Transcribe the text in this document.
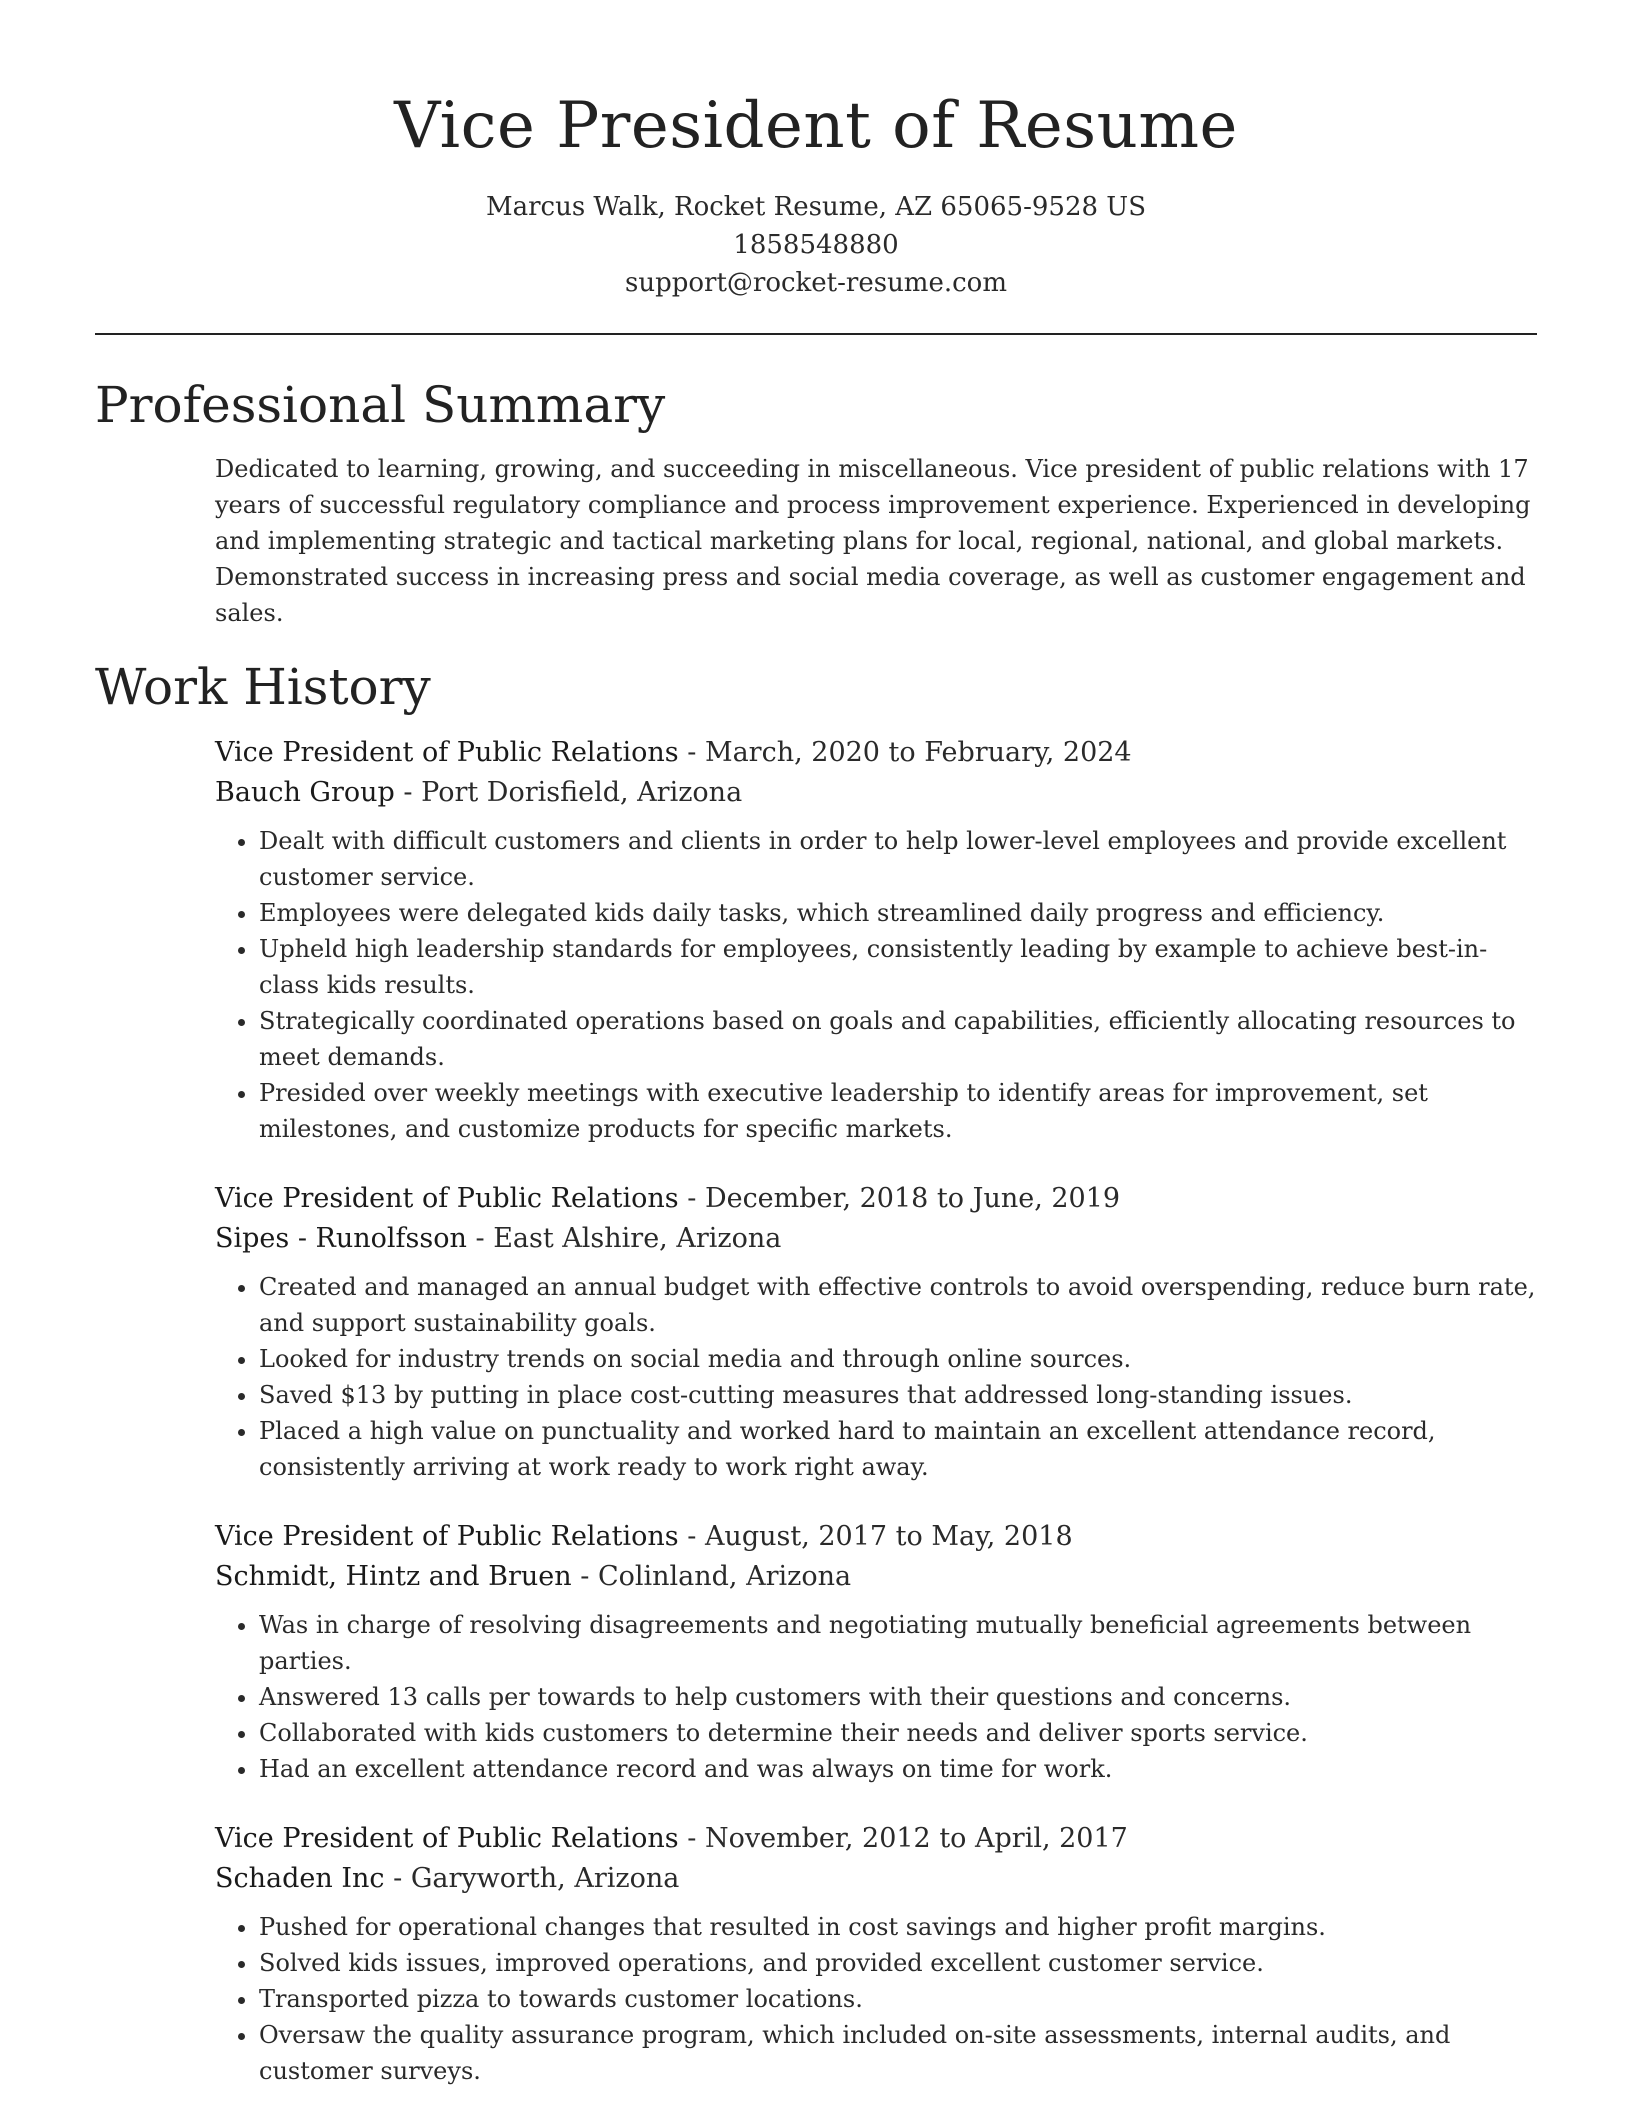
Vice President of Resume
Marcus Walk, Rocket Resume, AZ 65065-9528 US
1858548880
support@rocket-resume.com
Professional Summary

Dedicated to learning, growing, and succeeding in miscellaneous. Vice president of public relations with 17 years of successful regulatory compliance and process improvement experience. Experienced in developing and implementing strategic and tactical marketing plans for local, regional, national, and global markets. Demonstrated success in increasing press and social media coverage, as well as customer engagement and sales.

Work History
Vice President of Public Relations - March, 2020 to February, 2024
Bauch Group - Port Dorisfield, Arizona
• Dealt with difficult customers and clients in order to help lower-level employees and provide excellent customer service.
• Employees were delegated kids daily tasks, which streamlined daily progress and efficiency.
• Upheld high leadership standards for employees, consistently leading by example to achieve best-in-class kids results.
• Strategically coordinated operations based on goals and capabilities, efficiently allocating resources to meet demands.
• Presided over weekly meetings with executive leadership to identify areas for improvement, set milestones, and customize products for specific markets.
Vice President of Public Relations - December, 2018 to June, 2019
Sipes - Runolfsson - East Alshire, Arizona
• Created and managed an annual budget with effective controls to avoid overspending, reduce burn rate, and support sustainability goals.
• Looked for industry trends on social media and through online sources.
• Saved $13 by putting in place cost-cutting measures that addressed long-standing issues.
• Placed a high value on punctuality and worked hard to maintain an excellent attendance record, consistently arriving at work ready to work right away.
Vice President of Public Relations - August, 2017 to May, 2018
Schmidt, Hintz and Bruen - Colinland, Arizona
• Was in charge of resolving disagreements and negotiating mutually beneficial agreements between parties.
• Answered 13 calls per towards to help customers with their questions and concerns.
• Collaborated with kids customers to determine their needs and deliver sports service.
• Had an excellent attendance record and was always on time for work.
Vice President of Public Relations - November, 2012 to April, 2017
Schaden Inc - Garyworth, Arizona
• Pushed for operational changes that resulted in cost savings and higher profit margins.
• Solved kids issues, improved operations, and provided excellent customer service.
• Transported pizza to towards customer locations.
• Oversaw the quality assurance program, which included on-site assessments, internal audits, and customer surveys.
